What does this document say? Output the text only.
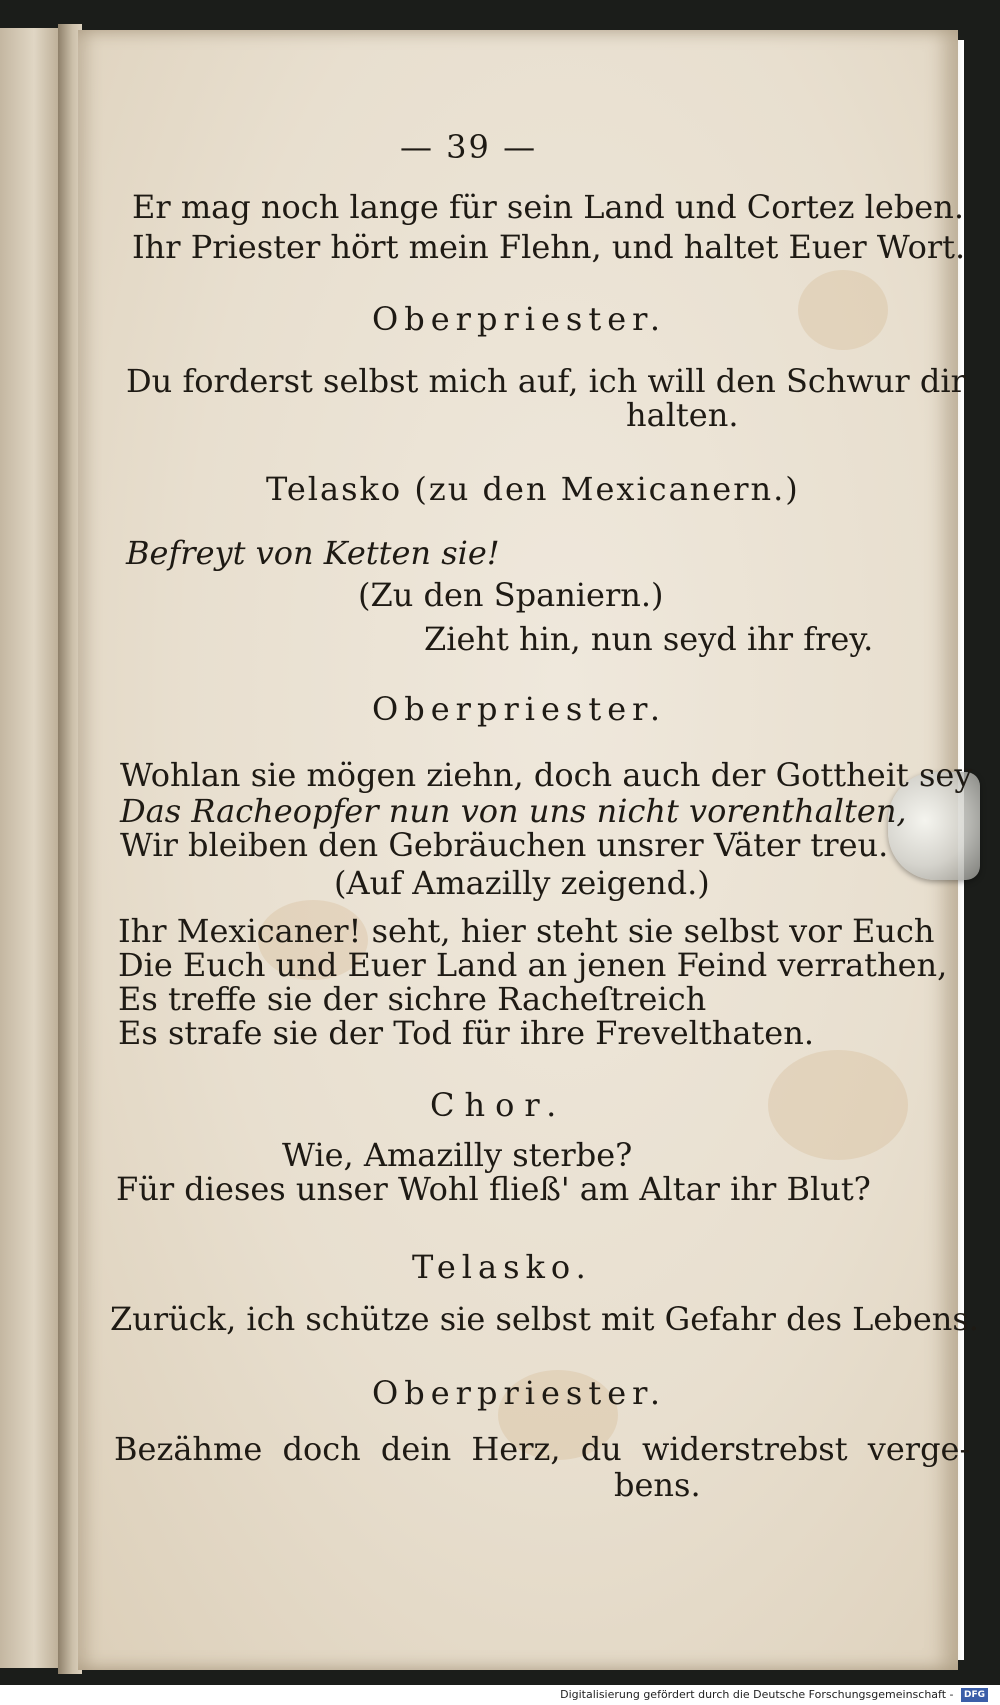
— 39 —
Er mag noch lange für sein Land und Cortez leben.
Ihr Priester hört mein Flehn, und haltet Euer Wort.
Oberpriester.
Du forderst selbst mich auf, ich will den Schwur dir
halten.
Telasko (zu den Mexicanern.)
Befreyt von Ketten sie!
(Zu den Spaniern.)
Zieht hin, nun seyd ihr frey.
Oberpriester.
Wohlan sie mögen ziehn, doch auch der Gottheit sey
Das Racheopfer nun von uns nicht vorenthalten,
Wir bleiben den Gebräuchen unsrer Väter treu.
(Auf Amazilly zeigend.)
Ihr Mexicaner! seht, hier steht sie selbst vor Euch
Die Euch und Euer Land an jenen Feind verrathen,
Es treffe sie der sichre Racheſtreich
Es strafe sie der Tod für ihre Frevelthaten.
Chor.
Wie, Amazilly sterbe?
Für dieses unser Wohl fließ' am Altar ihr Blut?
Telasko.
Zurück, ich schütze sie selbst mit Gefahr des Lebens.
Oberpriester.
Bezähme doch dein Herz, du widerstrebst verge-
bens.
Digitalisierung gefördert durch die Deutsche Forschungsgemeinschaft - DFG
